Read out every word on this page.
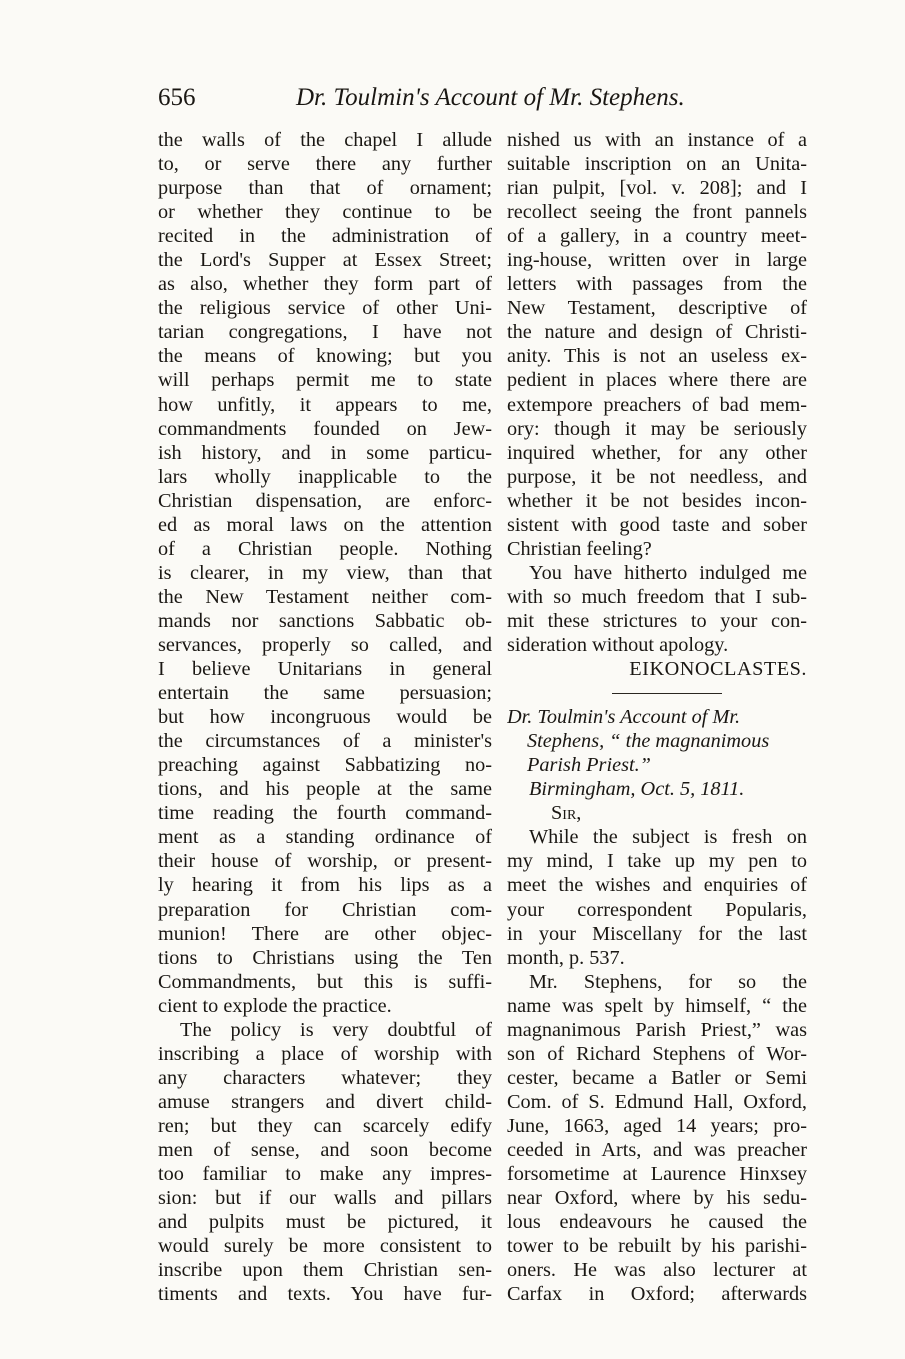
656	Dr. Toulmin's Account of Mr. Stephens.
the walls of the chapel I allude
to, or serve there any further
purpose than that of ornament;
or whether they continue to be
recited in the administration of
the Lord's Supper at Essex Street;
as also, whether they form part of
the religious service of other Uni-
tarian congregations, I have not
the means of knowing; but you
will perhaps permit me to state
how unfitly, it appears to me,
commandments founded on Jew-
ish history, and in some particu-
lars wholly inapplicable to the
Christian dispensation, are enforc-
ed as moral laws on the attention
of a Christian people. Nothing
is clearer, in my view, than that
the New Testament neither com-
mands nor sanctions Sabbatic ob-
servances, properly so called, and
I believe Unitarians in general
entertain the same persuasion;
but how incongruous would be
the circumstances of a minister's
preaching against Sabbatizing no-
tions, and his people at the same
time reading the fourth command-
ment as a standing ordinance of
their house of worship, or present-
ly hearing it from his lips as a
preparation for Christian com-
munion! There are other objec-
tions to Christians using the Ten
Commandments, but this is suffi-
cient to explode the practice.
The policy is very doubtful of
inscribing a place of worship with
any characters whatever; they
amuse strangers and divert child-
ren; but they can scarcely edify
men of sense, and soon become
too familiar to make any impres-
sion: but if our walls and pillars
and pulpits must be pictured, it
would surely be more consistent to
inscribe upon them Christian sen-
timents and texts. You have fur-
nished us with an instance of a
suitable inscription on an Unita-
rian pulpit, [vol. v. 208]; and I
recollect seeing the front pannels
of a gallery, in a country meet-
ing-house, written over in large
letters with passages from the
New Testament, descriptive of
the nature and design of Christi-
anity. This is not an useless ex-
pedient in places where there are
extempore preachers of bad mem-
ory: though it may be seriously
inquired whether, for any other
purpose, it be not needless, and
whether it be not besides incon-
sistent with good taste and sober
Christian feeling?
You have hitherto indulged me
with so much freedom that I sub-
mit these strictures to your con-
sideration without apology.
EIKONOCLASTES.
Dr. Toulmin's Account of Mr.
Stephens, “ the magnanimous
Parish Priest.”
Birmingham, Oct. 5, 1811.
Sir,
While the subject is fresh on
my mind, I take up my pen to
meet the wishes and enquiries of
your correspondent Popularis,
in your Miscellany for the last
month, p. 537.
Mr. Stephens, for so the
name was spelt by himself, “ the
magnanimous Parish Priest,” was
son of Richard Stephens of Wor-
cester, became a Batler or Semi
Com. of S. Edmund Hall, Oxford,
June, 1663, aged 14 years; pro-
ceeded in Arts, and was preacher
forsometime at Laurence Hinxsey
near Oxford, where by his sedu-
lous endeavours he caused the
tower to be rebuilt by his parishi-
oners. He was also lecturer at
Carfax in Oxford; afterwards
